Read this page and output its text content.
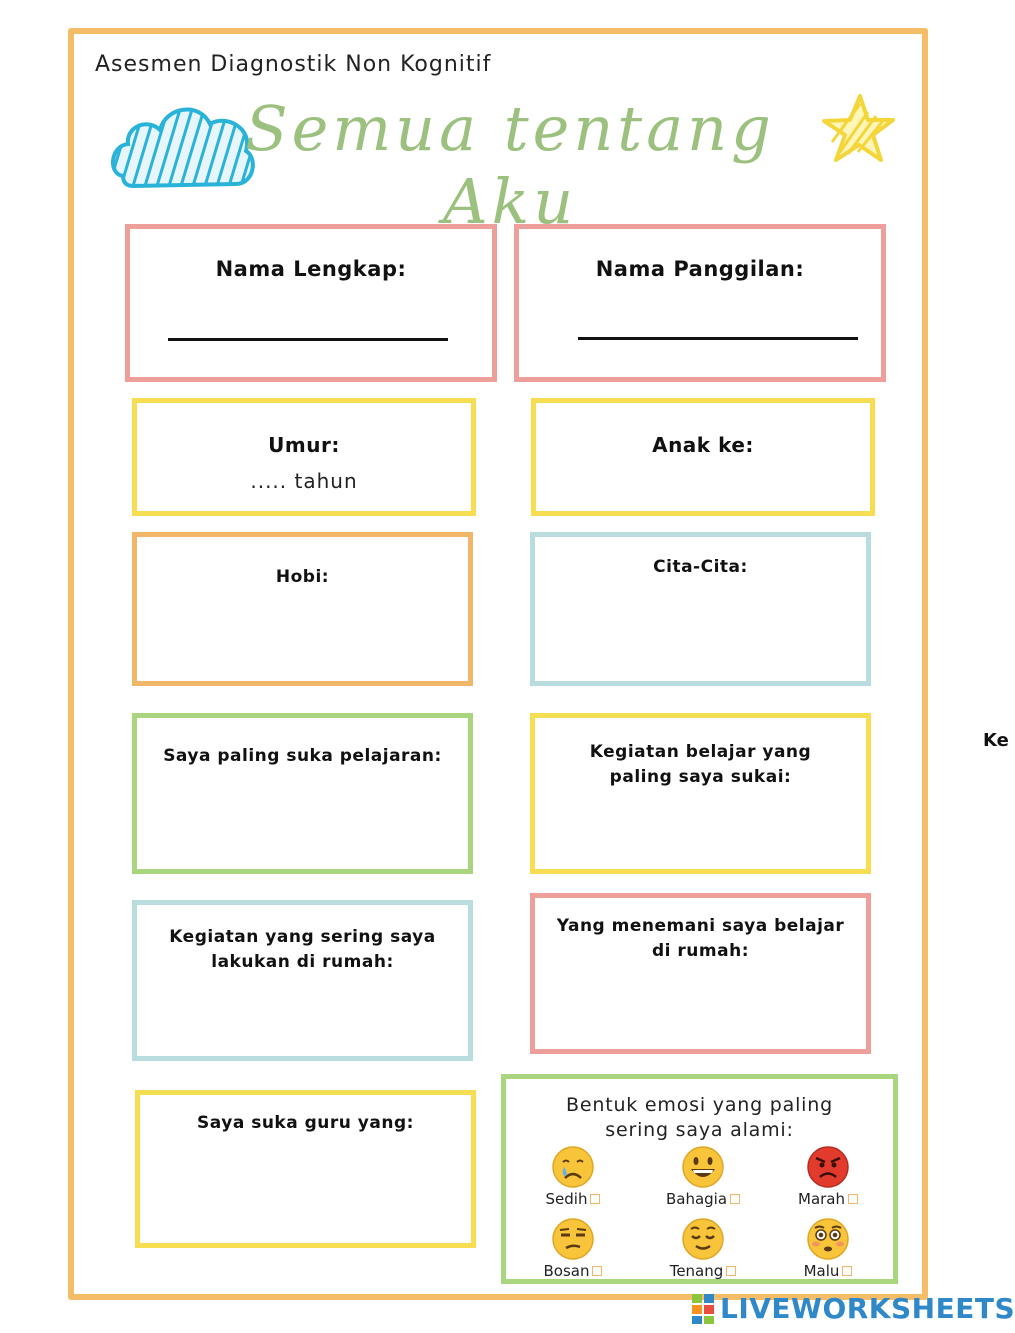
Asesmen Diagnostik Non Kognitif
Semua tentang Aku
Nama Lengkap:	Nama Panggilan:
Umur:
..... tahun
Anak ke:
Hobi:	Cita-Cita:
Saya paling suka pelajaran:	Kegiatan belajar yang
paling saya sukai:
Kegiatan yang sering saya
lakukan di rumah:
Yang menemani saya belajar
di rumah:
Saya suka guru yang:
Bentuk emosi yang paling
sering saya alami:
Sedih	Bahagia	Marah
Bosan	Tenang	Malu
Ke
LIVEWORKSHEETS
